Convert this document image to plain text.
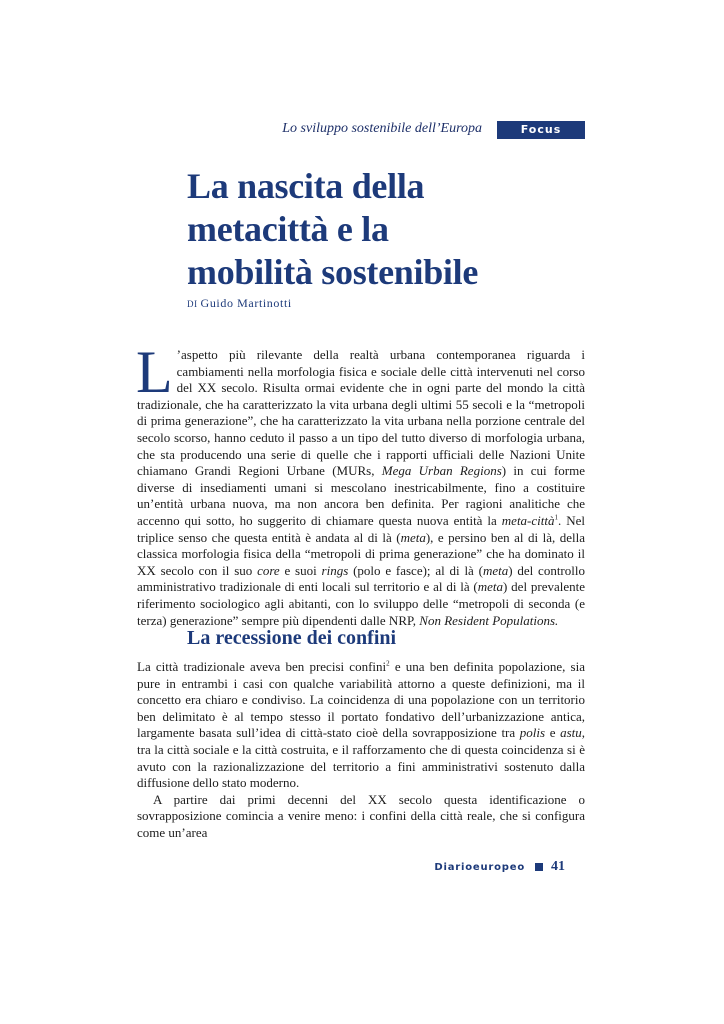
Lo sviluppo sostenibile dell’Europa	Focus
La nascita della
metacittà e la
mobilità sostenibile
DI Guido Martinotti
L ’aspetto più rilevante della realtà urbana contemporanea riguarda i cambiamenti nella morfologia fisica e sociale delle città intervenuti nel corso del XX secolo. Risulta ormai evidente che in ogni parte del mondo la città tradizionale, che ha caratterizzato la vita urbana degli ultimi 55 secoli e la “metropoli di prima generazione”, che ha caratterizzato la vita urbana nella porzione centrale del secolo scorso, hanno ceduto il passo a un tipo del tutto diverso di morfologia urbana, che sta producendo una serie di quelle che i rapporti ufficiali delle Nazioni Unite chiamano Grandi Regioni Urbane (MURs, Mega Urban Regions) in cui forme diverse di insediamenti umani si mescolano inestricabilmente, fino a costituire un’entità urbana nuova, ma non ancora ben definita. Per ragioni analitiche che accenno qui sotto, ho suggerito di chiamare questa nuova entità la meta-città$^1$. Nel triplice senso che questa entità è andata al di là (meta), e persino ben al di là, della classica morfologia fisica della “metropoli di prima generazione” che ha dominato il XX secolo con il suo core e suoi rings (polo e fasce); al di là (meta) del controllo amministrativo tradizionale di enti locali sul territorio e al di là (meta) del prevalente riferimento sociologico agli abitanti, con lo sviluppo delle “metropoli di seconda (e terza) generazione” sempre più dipendenti dalle NRP, Non Resident Populations.

La recessione dei confini

La città tradizionale aveva ben precisi confini$^2$ e una ben definita popolazione, sia pure in entrambi i casi con qualche variabilità attorno a queste definizioni, ma il concetto era chiaro e condiviso. La coincidenza di una popolazione con un territorio ben delimitato è al tempo stesso il portato fondativo dell’urbanizzazione antica, largamente basata sull’idea di città-stato cioè della sovrapposizione tra polis e astu, tra la città sociale e la città costruita, e il rafforzamento che di questa coincidenza si è avuto con la razionalizzazione del territorio a fini amministrativi sostenuto dalla diffusione dello stato moderno.

A partire dai primi decenni del XX secolo questa identificazione o sovrapposizione comincia a venire meno: i confini della città reale, che si configura come un’area

Diarioeuropeo 41
